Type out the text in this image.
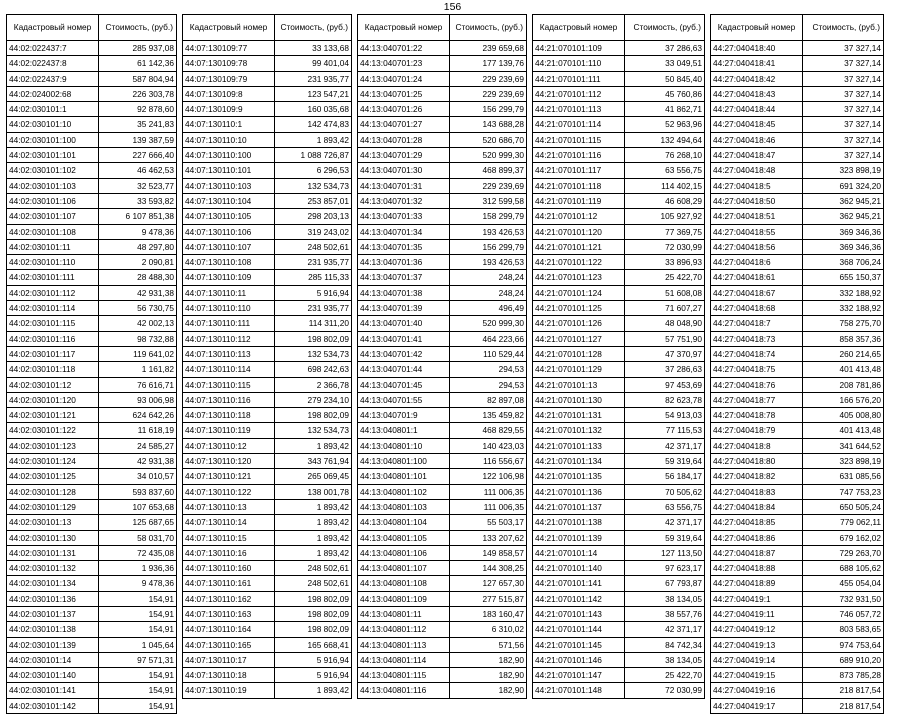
156
Кадастровый номер	Стоимость, (руб.)
44:02:022437:7	285 937,08
44:02:022437:8	61 142,36
44:02:022437:9	587 804,94
44:02:024002:68	226 303,78
44:02:030101:1	92 878,60
44:02:030101:10	35 241,83
44:02:030101:100	139 387,59
44:02:030101:101	227 666,40
44:02:030101:102	46 462,53
44:02:030101:103	32 523,77
44:02:030101:106	33 593,82
44:02:030101:107	6 107 851,38
44:02:030101:108	9 478,36
44:02:030101:11	48 297,80
44:02:030101:110	2 090,81
44:02:030101:111	28 488,30
44:02:030101:112	42 931,38
44:02:030101:114	56 730,75
44:02:030101:115	42 002,13
44:02:030101:116	98 732,88
44:02:030101:117	119 641,02
44:02:030101:118	1 161,82
44:02:030101:12	76 616,71
44:02:030101:120	93 006,98
44:02:030101:121	624 642,26
44:02:030101:122	11 618,19
44:02:030101:123	24 585,27
44:02:030101:124	42 931,38
44:02:030101:125	34 010,57
44:02:030101:128	593 837,60
44:02:030101:129	107 653,68
44:02:030101:13	125 687,65
44:02:030101:130	58 031,70
44:02:030101:131	72 435,08
44:02:030101:132	1 936,36
44:02:030101:134	9 478,36
44:02:030101:136	154,91
44:02:030101:137	154,91
44:02:030101:138	154,91
44:02:030101:139	1 045,64
44:02:030101:14	97 571,31
44:02:030101:140	154,91
44:02:030101:141	154,91
44:02:030101:142	154,91
Кадастровый номер	Стоимость, (руб.)
44:07:130109:77	33 133,68
44:07:130109:78	99 401,04
44:07:130109:79	231 935,77
44:07:130109:8	123 547,21
44:07:130109:9	160 035,68
44:07:130110:1	142 474,83
44:07:130110:10	1 893,42
44:07:130110:100	1 088 726,87
44:07:130110:101	6 296,53
44:07:130110:103	132 534,73
44:07:130110:104	253 857,01
44:07:130110:105	298 203,13
44:07:130110:106	319 243,02
44:07:130110:107	248 502,61
44:07:130110:108	231 935,77
44:07:130110:109	285 115,33
44:07:130110:11	5 916,94
44:07:130110:110	231 935,77
44:07:130110:111	114 311,20
44:07:130110:112	198 802,09
44:07:130110:113	132 534,73
44:07:130110:114	698 242,63
44:07:130110:115	2 366,78
44:07:130110:116	279 234,10
44:07:130110:118	198 802,09
44:07:130110:119	132 534,73
44:07:130110:12	1 893,42
44:07:130110:120	343 761,94
44:07:130110:121	265 069,45
44:07:130110:122	138 001,78
44:07:130110:13	1 893,42
44:07:130110:14	1 893,42
44:07:130110:15	1 893,42
44:07:130110:16	1 893,42
44:07:130110:160	248 502,61
44:07:130110:161	248 502,61
44:07:130110:162	198 802,09
44:07:130110:163	198 802,09
44:07:130110:164	198 802,09
44:07:130110:165	165 668,41
44:07:130110:17	5 916,94
44:07:130110:18	5 916,94
44:07:130110:19	1 893,42
Кадастровый номер	Стоимость, (руб.)
44:13:040701:22	239 659,68
44:13:040701:23	177 139,76
44:13:040701:24	229 239,69
44:13:040701:25	229 239,69
44:13:040701:26	156 299,79
44:13:040701:27	143 688,28
44:13:040701:28	520 686,70
44:13:040701:29	520 999,30
44:13:040701:30	468 899,37
44:13:040701:31	229 239,69
44:13:040701:32	312 599,58
44:13:040701:33	158 299,79
44:13:040701:34	193 426,53
44:13:040701:35	156 299,79
44:13:040701:36	193 426,53
44:13:040701:37	248,24
44:13:040701:38	248,24
44:13:040701:39	496,49
44:13:040701:40	520 999,30
44:13:040701:41	464 223,66
44:13:040701:42	110 529,44
44:13:040701:44	294,53
44:13:040701:45	294,53
44:13:040701:55	82 897,08
44:13:040701:9	135 459,82
44:13:040801:1	468 829,55
44:13:040801:10	140 423,03
44:13:040801:100	116 556,67
44:13:040801:101	122 106,98
44:13:040801:102	111 006,35
44:13:040801:103	111 006,35
44:13:040801:104	55 503,17
44:13:040801:105	133 207,62
44:13:040801:106	149 858,57
44:13:040801:107	144 308,25
44:13:040801:108	127 657,30
44:13:040801:109	277 515,87
44:13:040801:11	183 160,47
44:13:040801:112	6 310,02
44:13:040801:113	571,56
44:13:040801:114	182,90
44:13:040801:115	182,90
44:13:040801:116	182,90
Кадастровый номер	Стоимость, (руб.)
44:21:070101:109	37 286,63
44:21:070101:110	33 049,51
44:21:070101:111	50 845,40
44:21:070101:112	45 760,86
44:21:070101:113	41 862,71
44:21:070101:114	52 963,96
44:21:070101:115	132 494,64
44:21:070101:116	76 268,10
44:21:070101:117	63 556,75
44:21:070101:118	114 402,15
44:21:070101:119	46 608,29
44:21:070101:12	105 927,92
44:21:070101:120	77 369,75
44:21:070101:121	72 030,99
44:21:070101:122	33 896,93
44:21:070101:123	25 422,70
44:21:070101:124	51 608,08
44:21:070101:125	71 607,27
44:21:070101:126	48 048,90
44:21:070101:127	57 751,90
44:21:070101:128	47 370,97
44:21:070101:129	37 286,63
44:21:070101:13	97 453,69
44:21:070101:130	82 623,78
44:21:070101:131	54 913,03
44:21:070101:132	77 115,53
44:21:070101:133	42 371,17
44:21:070101:134	59 319,64
44:21:070101:135	56 184,17
44:21:070101:136	70 505,62
44:21:070101:137	63 556,75
44:21:070101:138	42 371,17
44:21:070101:139	59 319,64
44:21:070101:14	127 113,50
44:21:070101:140	97 623,17
44:21:070101:141	67 793,87
44:21:070101:142	38 134,05
44:21:070101:143	38 557,76
44:21:070101:144	42 371,17
44:21:070101:145	84 742,34
44:21:070101:146	38 134,05
44:21:070101:147	25 422,70
44:21:070101:148	72 030,99
Кадастровый номер	Стоимость, (руб.)
44:27:040418:40	37 327,14
44:27:040418:41	37 327,14
44:27:040418:42	37 327,14
44:27:040418:43	37 327,14
44:27:040418:44	37 327,14
44:27:040418:45	37 327,14
44:27:040418:46	37 327,14
44:27:040418:47	37 327,14
44:27:040418:48	323 898,19
44:27:040418:5	691 324,20
44:27:040418:50	362 945,21
44:27:040418:51	362 945,21
44:27:040418:55	369 346,36
44:27:040418:56	369 346,36
44:27:040418:6	368 706,24
44:27:040418:61	655 150,37
44:27:040418:67	332 188,92
44:27:040418:68	332 188,92
44:27:040418:7	758 275,70
44:27:040418:73	858 357,36
44:27:040418:74	260 214,65
44:27:040418:75	401 413,48
44:27:040418:76	208 781,86
44:27:040418:77	166 576,20
44:27:040418:78	405 008,80
44:27:040418:79	401 413,48
44:27:040418:8	341 644,52
44:27:040418:80	323 898,19
44:27:040418:82	631 085,56
44:27:040418:83	747 753,23
44:27:040418:84	650 505,24
44:27:040418:85	779 062,11
44:27:040418:86	679 162,02
44:27:040418:87	729 263,70
44:27:040418:88	688 105,62
44:27:040418:89	455 054,04
44:27:040419:1	732 931,50
44:27:040419:11	746 057,72
44:27:040419:12	803 583,65
44:27:040419:13	974 753,64
44:27:040419:14	689 910,20
44:27:040419:15	873 785,28
44:27:040419:16	218 817,54
44:27:040419:17	218 817,54
